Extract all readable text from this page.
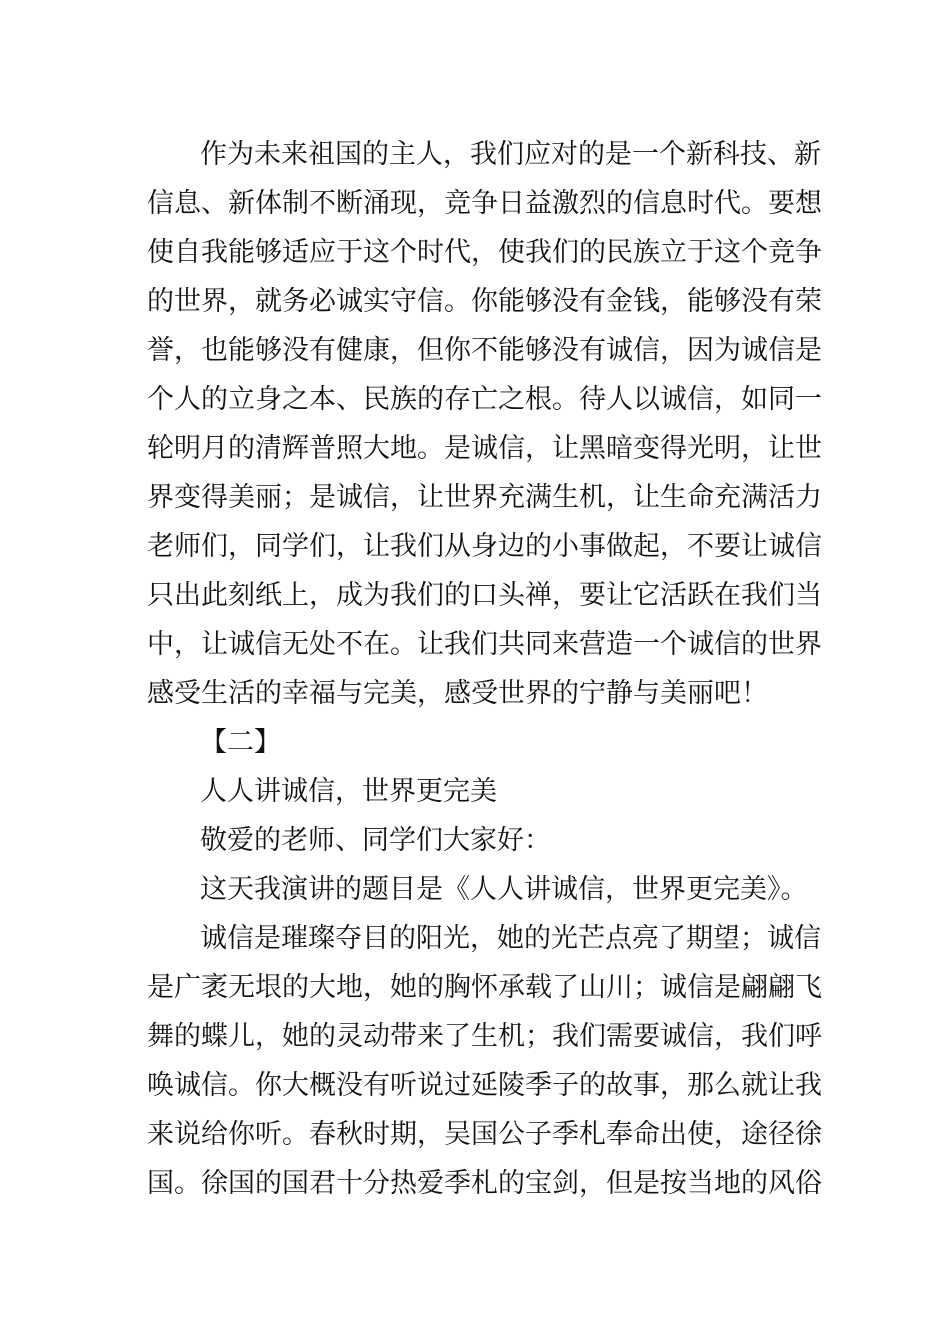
作为未来祖国的主人，我们应对的是一个新科技、新
信息、新体制不断涌现，竞争日益激烈的信息时代。要想
使自我能够适应于这个时代，使我们的民族立于这个竞争
的世界，就务必诚实守信。你能够没有金钱，能够没有荣
誉，也能够没有健康，但你不能够没有诚信，因为诚信是
个人的立身之本、民族的存亡之根。待人以诚信，如同一
轮明月的清辉普照大地。是诚信，让黑暗变得光明，让世
界变得美丽；是诚信，让世界充满生机，让生命充满活力
老师们，同学们，让我们从身边的小事做起，不要让诚信
只出此刻纸上，成为我们的口头禅，要让它活跃在我们当
中，让诚信无处不在。让我们共同来营造一个诚信的世界
感受生活的幸福与完美，感受世界的宁静与美丽吧！
【二】
人人讲诚信，世界更完美
敬爱的老师、同学们大家好：
这天我演讲的题目是《人人讲诚信，世界更完美》。
诚信是璀璨夺目的阳光，她的光芒点亮了期望；诚信
是广袤无垠的大地，她的胸怀承载了山川；诚信是翩翩飞
舞的蝶儿，她的灵动带来了生机；我们需要诚信，我们呼
唤诚信。你大概没有听说过延陵季子的故事，那么就让我
来说给你听。春秋时期，吴国公子季札奉命出使，途径徐
国。徐国的国君十分热爱季札的宝剑，但是按当地的风俗
